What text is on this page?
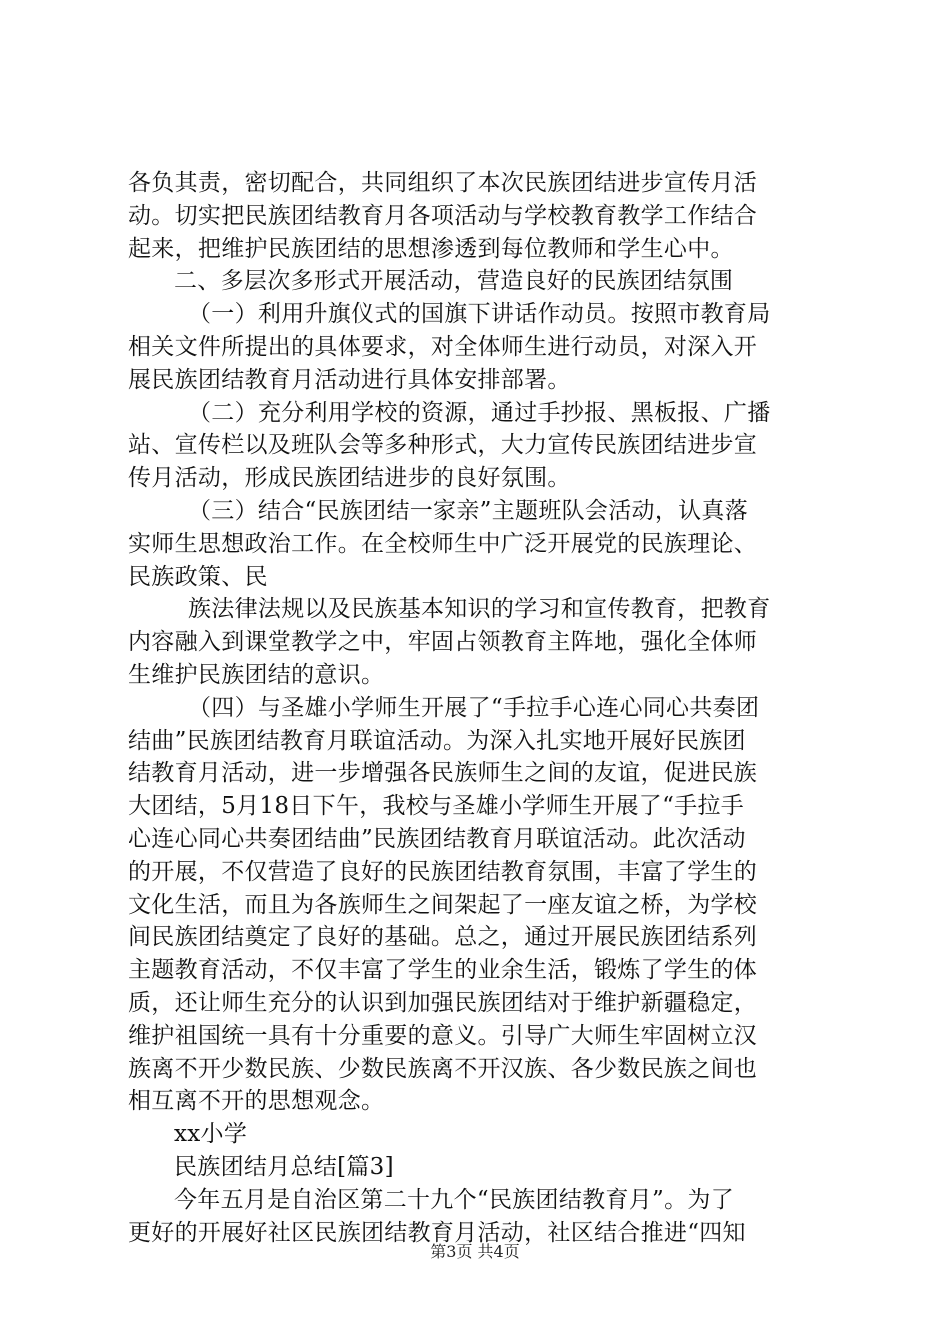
各负其责，密切配合，共同组织了本次民族团结进步宣传月活
动。切实把民族团结教育月各项活动与学校教育教学工作结合
起来，把维护民族团结的思想渗透到每位教师和学生心中。
二、多层次多形式开展活动，营造良好的民族团结氛围
（一）利用升旗仪式的国旗下讲话作动员。按照市教育局
相关文件所提出的具体要求，对全体师生进行动员，对深入开
展民族团结教育月活动进行具体安排部署。
（二）充分利用学校的资源，通过手抄报、黑板报、广播
站、宣传栏以及班队会等多种形式，大力宣传民族团结进步宣
传月活动，形成民族团结进步的良好氛围。
（三）结合“民族团结一家亲”主题班队会活动，认真落
实师生思想政治工作。在全校师生中广泛开展党的民族理论、
民族政策、民
族法律法规以及民族基本知识的学习和宣传教育，把教育
内容融入到课堂教学之中，牢固占领教育主阵地，强化全体师
生维护民族团结的意识。
（四）与圣雄小学师生开展了“手拉手心连心同心共奏团
结曲”民族团结教育月联谊活动。为深入扎实地开展好民族团
结教育月活动，进一步增强各民族师生之间的友谊，促进民族
大团结，5月18日下午，我校与圣雄小学师生开展了“手拉手
心连心同心共奏团结曲”民族团结教育月联谊活动。此次活动
的开展，不仅营造了良好的民族团结教育氛围，丰富了学生的
文化生活，而且为各族师生之间架起了一座友谊之桥，为学校
间民族团结奠定了良好的基础。总之，通过开展民族团结系列
主题教育活动，不仅丰富了学生的业余生活，锻炼了学生的体
质，还让师生充分的认识到加强民族团结对于维护新疆稳定，
维护祖国统一具有十分重要的意义。引导广大师生牢固树立汉
族离不开少数民族、少数民族离不开汉族、各少数民族之间也
相互离不开的思想观念。
xx小学
民族团结月总结[篇3]
今年五月是自治区第二十九个“民族团结教育月”。为了
更好的开展好社区民族团结教育月活动，社区结合推进“四知
第3页 共4页
